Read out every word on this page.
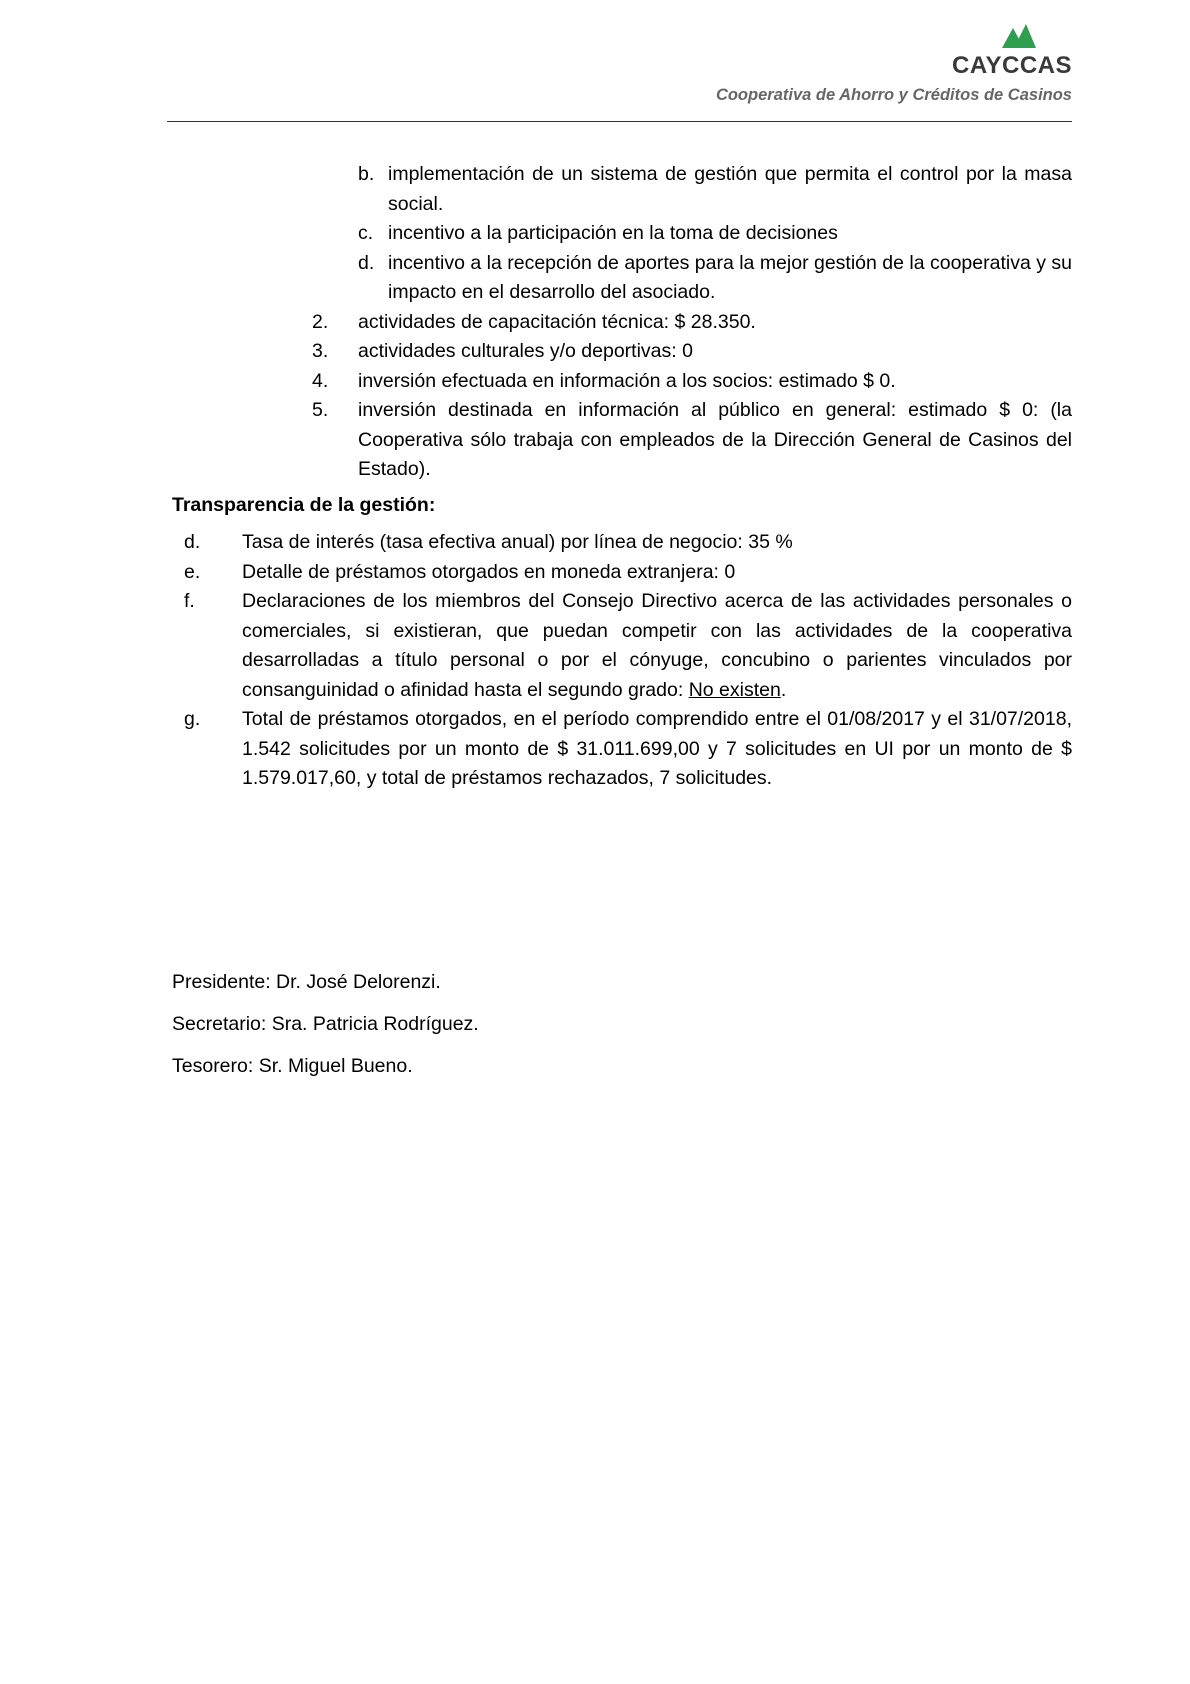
CAYCCAS
Cooperativa de Ahorro y Créditos de Casinos
b. implementación de un sistema de gestión que permita el control por la masa social.
c. incentivo a la participación en la toma de decisiones
d. incentivo a la recepción de aportes para la mejor gestión de la cooperativa y su impacto en el desarrollo del asociado.
2. actividades de capacitación técnica: $ 28.350.
3. actividades culturales y/o deportivas: 0
4. inversión efectuada en información a los socios: estimado $ 0.
5. inversión destinada en información al público en general: estimado $ 0: (la Cooperativa sólo trabaja con empleados de la Dirección General de Casinos del Estado).
Transparencia de la gestión:
d. Tasa de interés (tasa efectiva anual) por línea de negocio: 35 %
e. Detalle de préstamos otorgados en moneda extranjera: 0
f. Declaraciones de los miembros del Consejo Directivo acerca de las actividades personales o comerciales, si existieran, que puedan competir con las actividades de la cooperativa desarrolladas a título personal o por el cónyuge, concubino o parientes vinculados por consanguinidad o afinidad hasta el segundo grado: No existen.
g. Total de préstamos otorgados, en el período comprendido entre el 01/08/2017 y el 31/07/2018, 1.542 solicitudes por un monto de $ 31.011.699,00 y 7 solicitudes en UI por un monto de $ 1.579.017,60, y total de préstamos rechazados, 7 solicitudes.
Presidente: Dr. José Delorenzi.
Secretario: Sra. Patricia Rodríguez.
Tesorero: Sr. Miguel Bueno.
